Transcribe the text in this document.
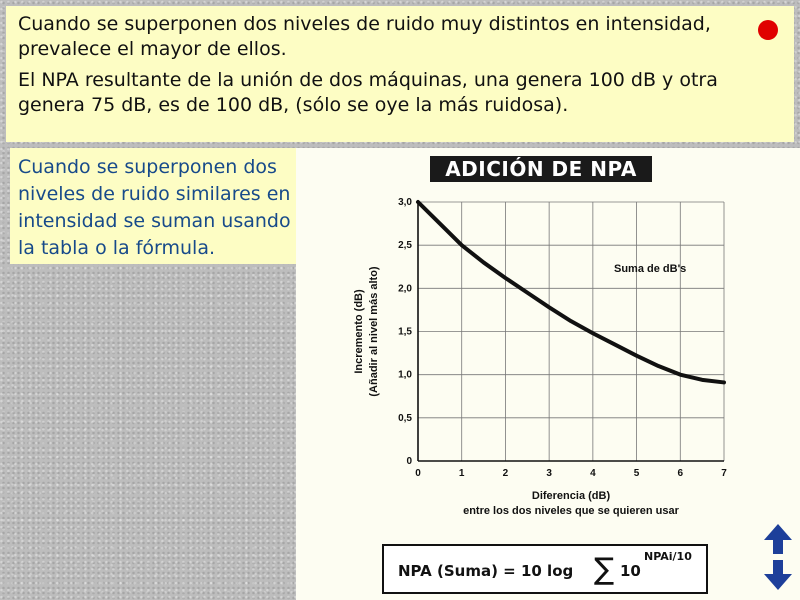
Cuando se superponen dos niveles de ruido muy distintos en intensidad, prevalece el mayor de ellos.

El NPA resultante de la unión de dos máquinas, una genera 100 dB y otra genera 75 dB, es de 100 dB, (sólo se oye la más ruidosa).

Cuando se superponen dos niveles de ruido similares en intensidad se suman usando la tabla o la fórmula.
0	1	2	3	4	5	6	7
0
0,5
1,0
1,5
2,0
2,5
3,0
Diferencia (dB)
entre los dos niveles que se quieren usar
Incremento (dB) (Añadir al nivel más alto)	Suma de dB's
ADICIÓN DE NPA
NPA (Suma) = 10 log ∑ 10
NPAi/10
